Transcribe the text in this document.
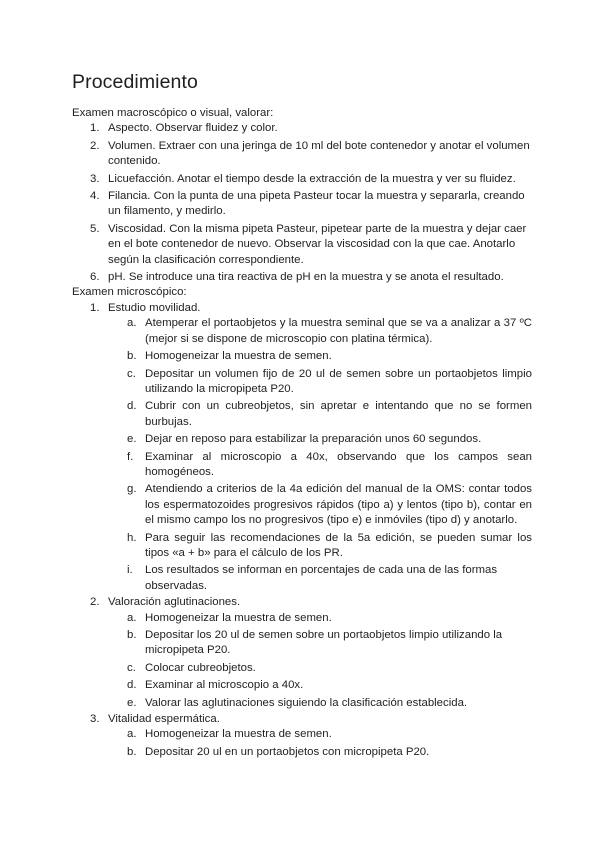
Procedimiento

Examen macroscópico o visual, valorar:

1. Aspecto. Observar fluidez y color.
2. Volumen. Extraer con una jeringa de 10 ml del bote contenedor y anotar el volumen contenido.
3. Licuefacción. Anotar el tiempo desde la extracción de la muestra y ver su fluidez.
4. Filancia. Con la punta de una pipeta Pasteur tocar la muestra y separarla, creando un filamento, y medirlo.
5. Viscosidad. Con la misma pipeta Pasteur, pipetear parte de la muestra y dejar caer en el bote contenedor de nuevo. Observar la viscosidad con la que cae. Anotarlo según la clasificación correspondiente.
6. pH. Se introduce una tira reactiva de pH en la muestra y se anota el resultado.

Examen microscópico:

1. Estudio movilidad.
a. Atemperar el portaobjetos y la muestra seminal que se va a analizar a 37 ºC (mejor si se dispone de microscopio con platina térmica).
b. Homogeneizar la muestra de semen.
c. Depositar un volumen fijo de 20 ul de semen sobre un portaobjetos limpio utilizando la micropipeta P20.
d. Cubrir con un cubreobjetos, sin apretar e intentando que no se formen burbujas.
e. Dejar en reposo para estabilizar la preparación unos 60 segundos.
f. Examinar al microscopio a 40x, observando que los campos sean homogéneos.
g. Atendiendo a criterios de la 4a edición del manual de la OMS: contar todos los espermatozoides progresivos rápidos (tipo a) y lentos (tipo b), contar en el mismo campo los no progresivos (tipo e) e inmóviles (tipo d) y anotarlo.
h. Para seguir las recomendaciones de la 5a edición, se pueden sumar los tipos «a + b» para el cálculo de los PR.
i. Los resultados se informan en porcentajes de cada una de las formas observadas.
2. Valoración aglutinaciones.
a. Homogeneizar la muestra de semen.
b. Depositar los 20 ul de semen sobre un portaobjetos limpio utilizando la micropipeta P20.
c. Colocar cubreobjetos.
d. Examinar al microscopio a 40x.
e. Valorar las aglutinaciones siguiendo la clasificación establecida.
3. Vitalidad espermática.
a. Homogeneizar la muestra de semen.
b. Depositar 20 ul en un portaobjetos con micropipeta P20.
